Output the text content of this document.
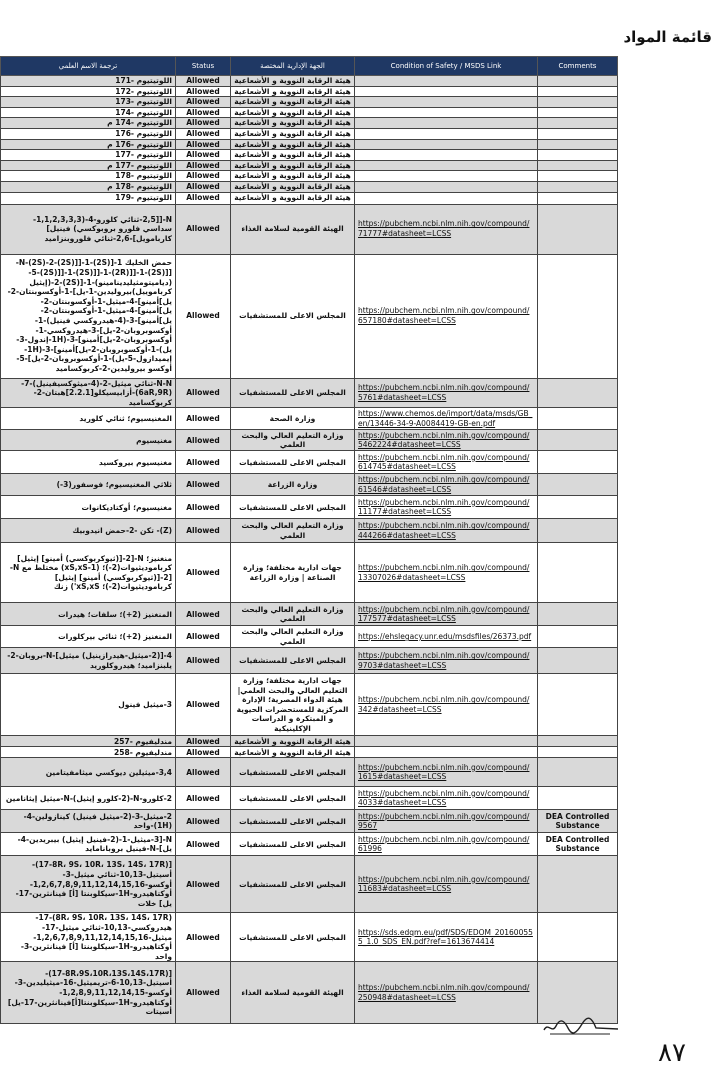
قائمة المواد
ترجمة الاسم العلمي	Status	الجهة الإدارية المختصة	Condition of Safety / MSDS Link	Comments
اللوتيتيوم -171	Allowed	هيئة الرقابة النووية و الأشعاعية		
اللوتيتيوم -172	Allowed	هيئة الرقابة النووية و الأشعاعية		
اللوتيتيوم -173	Allowed	هيئة الرقابة النووية و الأشعاعية		
اللوتيتيوم -174	Allowed	هيئة الرقابة النووية و الأشعاعية		
اللوتيتيوم -174 م	Allowed	هيئة الرقابة النووية و الأشعاعية		
اللوتيتيوم -176	Allowed	هيئة الرقابة النووية و الأشعاعية		
اللوتيتيوم -176 م	Allowed	هيئة الرقابة النووية و الأشعاعية		
اللوتيتيوم -177	Allowed	هيئة الرقابة النووية و الأشعاعية		
اللوتيتيوم -177 م	Allowed	هيئة الرقابة النووية و الأشعاعية		
اللوتيتيوم -178	Allowed	هيئة الرقابة النووية و الأشعاعية		
اللوتيتيوم -178 م	Allowed	هيئة الرقابة النووية و الأشعاعية		
اللوتيتيوم -179	Allowed	هيئة الرقابة النووية و الأشعاعية		
N-[[2,5-ثنائي كلورو-4-(1,1,2,3,3,3-سداسي فلورو بروبوكسي) فينيل] كاربامويل]-2,6-ثنائي فلوروبنزاميد	Allowed	الهيئة القومية لسلامة الغذاء	https://pubchem.ncbi.nlm.nih.gov/compound/71777#datasheet=LCSS	
حمض الخليك 1-[(2S)-1-[[(2S)-N-(2S)-2-[[(2S)-1-[[(2R)-1-[[(2S)-1-[[(2S)-5-(دياميتومثيليدينامينو)-1-[(2S)-2-(إيثيل كرباموييل)بيروليدين-1-يل]-1-أوكسوبنتان-2-يل]أمينو]-4-ميثيل-1-أوكسوبنتان-2-يل]أمينو]-4-ميثيل-1-أوكسوبنتان-2-يل]أمينو]-3-(4-هيدروكسي فينيل)-1-أوكسوبروبان-2-يل]-3-هيدروكسي-1-أوكسوبروبان-2-يل]أمينو]-3-(1H-إندول-3-يل)-1-أوكسوبروبان-2-يل]أمينو]-3-(1H-إيميدازول-5-يل)-1-أوكسوبروبان-2-يل]-5-أوكسو بيروليدين-2-كربوكساميد	Allowed	المجلس الاعلى للمستشفيات	https://pubchem.ncbi.nlm.nih.gov/compound/657180#datasheet=LCSS	
N-N-ثنائي ميثيل-2-(4-ميثوكسيفينيل)-7-(6aR,9R)-أزابيسيكلو[2.2.1]هبتان-2-كربوكساميد	Allowed	المجلس الاعلى للمستشفيات	https://pubchem.ncbi.nlm.nih.gov/compound/5761#datasheet=LCSS	
المغنيسيوم؛ ثنائي كلوريد	Allowed	وزارة الصحة	https://www.chemos.de/import/data/msds/GB_en/13446-34-9-A0084419-GB-en.pdf	
مغنيسيوم	Allowed	وزارة التعليم العالي والبحث العلمي	https://pubchem.ncbi.nlm.nih.gov/compound/5462224#datasheet=LCSS	
مغنيسيوم بيروكسيد	Allowed	المجلس الاعلى للمستشفيات	https://pubchem.ncbi.nlm.nih.gov/compound/614745#datasheet=LCSS	
ثلاثي المغنيسيوم؛ فوسفور(3-)	Allowed	وزارة الزراعة	https://pubchem.ncbi.nlm.nih.gov/compound/61546#datasheet=LCSS	
مغنيسيوم؛ أوكتاديكانوات	Allowed	المجلس الاعلى للمستشفيات	https://pubchem.ncbi.nlm.nih.gov/compound/11177#datasheet=LCSS	
(Z)- تكن -2-حمض انيدوبيك	Allowed	وزارة التعليم العالي والبحث العلمي	https://pubchem.ncbi.nlm.nih.gov/compound/444266#datasheet=LCSS	
منغنيز؛ N-[2-[(ثيوكربوكسي) أمينو] إيثيل] كرباموديثيوات(2-)؛ (xS,xS-1) مختلط مع N-[2-[(ثيوكربوكسي) أمينو] إيثيل] كرباموديثيوات(2-)؛ xS,xS') زنك	Allowed	جهات ادارية مختلفة؛ وزارة الصناعة | وزارة الزراعة	https://pubchem.ncbi.nlm.nih.gov/compound/13307026#datasheet=LCSS	
المنغنيز (2+)؛ سلفات؛ هيدرات	Allowed	وزارة التعليم العالي والبحث العلمي	https://pubchem.ncbi.nlm.nih.gov/compound/177577#datasheet=LCSS	
المنغنيز (2+)؛ ثنائي بيركلورات	Allowed	وزارة التعليم العالي والبحث العلمي	https://ehslegacy.unr.edu/msdsfiles/26373.pdf	
4-[(2-ميثيل-هيدرازينيل) ميثيل]-N-بروبان-2-يلبنزاميد؛ هيدروكلوريد	Allowed	المجلس الاعلى للمستشفيات	https://pubchem.ncbi.nlm.nih.gov/compound/9703#datasheet=LCSS	
3-ميثيل فينول	Allowed	جهات ادارية مختلفة؛ وزارة التعليم العالي والبحث العلمي| هيئة الدواء المصرية؛ الإدارة المركزية للمستحضرات الحيوية و المبتكرة و الدراسات الإكلينيكية	https://pubchem.ncbi.nlm.nih.gov/compound/342#datasheet=LCSS	
مندليفيوم -257	Allowed	هيئة الرقابة النووية و الأشعاعية		
مندليفيوم -258	Allowed	هيئة الرقابة النووية و الأشعاعية		
3,4-ميثيلين ديوكسي ميثامفيتامين	Allowed	المجلس الاعلى للمستشفيات	https://pubchem.ncbi.nlm.nih.gov/compound/1615#datasheet=LCSS	
2-كلورو-N-(2-كلورو إيثيل)-N-ميثيل إيثانامين	Allowed	المجلس الاعلى للمستشفيات	https://pubchem.ncbi.nlm.nih.gov/compound/4033#datasheet=LCSS	
2-ميثيل-3-(2-ميثيل فينيل) كينازولين-4-(1H)-واحد	Allowed	المجلس الاعلى للمستشفيات	https://pubchem.ncbi.nlm.nih.gov/compound/9567	DEA Controlled Substance
N-[3-ميثيل-1-(2-فينيل إيثيل) بيبريدين-4-يل]-N-فينيل بروبانامايد	Allowed	المجلس الاعلى للمستشفيات	https://pubchem.ncbi.nlm.nih.gov/compound/61996	DEA Controlled Substance
[(17-8R، 9S، 10R، 13S، 14S، 17R)-أسيتيل-10,13-ثنائي ميثيل-3-أوكسو-1,2,6,7,8,9,11,12,14,15,16-أوكتاهيدرو-1H-سيكلوبنتا [أ] فينانثرين-17-يل] خلات	Allowed	المجلس الاعلى للمستشفيات	https://pubchem.ncbi.nlm.nih.gov/compound/11683#datasheet=LCSS	
(8R، 9S، 10R، 13S، 14S، 17R)-17-هيدروكسي-10,13-ثنائي ميثيل-17-ميثيل-1,2,6,7,8,9,11,12,14,15,16-أوكتاهيدرو-1H-سيكلوبنتا [أ] فينانثرين-3-واحد	Allowed	المجلس الاعلى للمستشفيات	https://sds.edqm.eu/pdf/SDS/EDOM_201600555_1.0_SDS_EN.pdf?ref=1613674414	
[(17-8R،9S،10R،13S،14S،17R)-أسيتيل-10,13-6-تريميثيل-16-ميثيليدين-3-أوكسو-1,2,8,9,11,12,14,15-أوكتاهيدرو-1H-سيكلوبنتا[أ]فينانثرين-17-يل] أسيتات	Allowed	الهيئة القومية لسلامة الغذاء	https://pubchem.ncbi.nlm.nih.gov/compound/250948#datasheet=LCSS	
٨٧
